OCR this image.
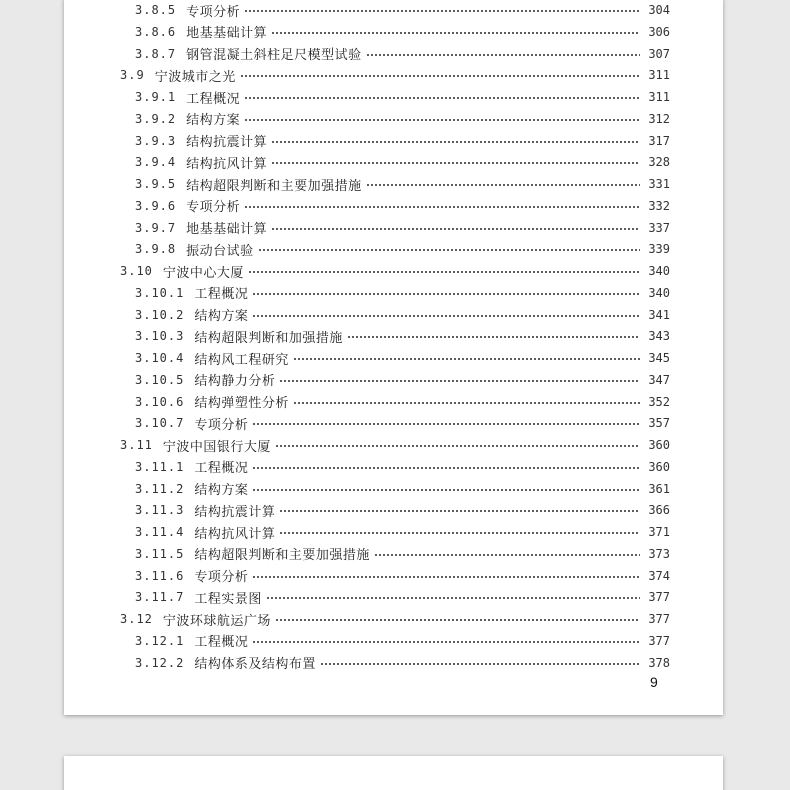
3.8.5 专项分析	304
3.8.6 地基基础计算	306
3.8.7 钢管混凝土斜柱足尺模型试验	307
3.9 宁波城市之光	311
3.9.1 工程概况	311
3.9.2 结构方案	312
3.9.3 结构抗震计算	317
3.9.4 结构抗风计算	328
3.9.5 结构超限判断和主要加强措施	331
3.9.6 专项分析	332
3.9.7 地基基础计算	337
3.9.8 振动台试验	339
3.10 宁波中心大厦	340
3.10.1 工程概况	340
3.10.2 结构方案	341
3.10.3 结构超限判断和加强措施	343
3.10.4 结构风工程研究	345
3.10.5 结构静力分析	347
3.10.6 结构弹塑性分析	352
3.10.7 专项分析	357
3.11 宁波中国银行大厦	360
3.11.1 工程概况	360
3.11.2 结构方案	361
3.11.3 结构抗震计算	366
3.11.4 结构抗风计算	371
3.11.5 结构超限判断和主要加强措施	373
3.11.6 专项分析	374
3.11.7 工程实景图	377
3.12 宁波环球航运广场	377
3.12.1 工程概况	377
3.12.2 结构体系及结构布置	378
9
